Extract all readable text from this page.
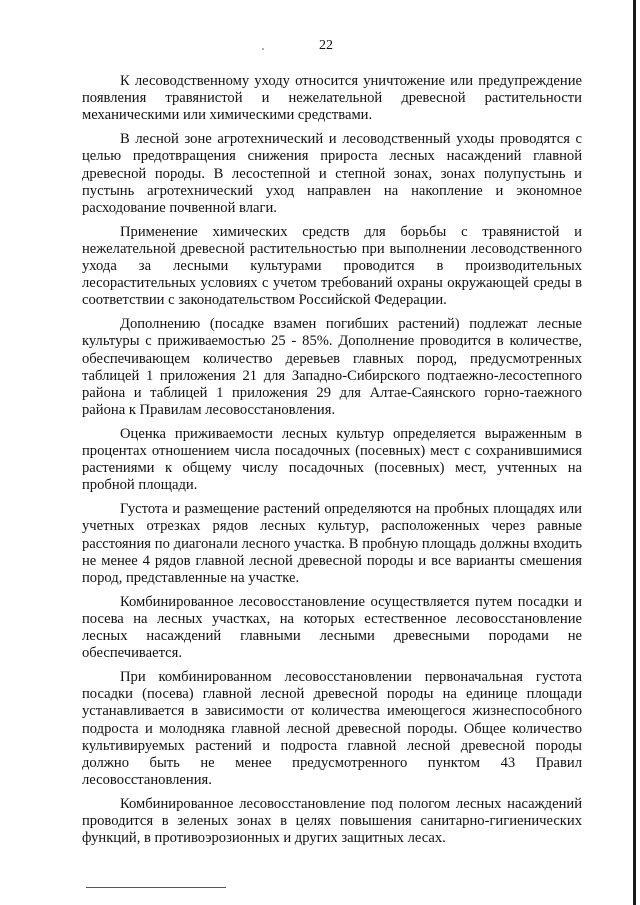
22

К лесоводственному уходу относится уничтожение или предупреждение появления травянистой и нежелательной древесной растительности механическими или химическими средствами.

В лесной зоне агротехнический и лесоводственный уходы проводятся с целью предотвращения снижения прироста лесных насаждений главной древесной породы. В лесостепной и степной зонах, зонах полупустынь и пустынь агротехнический уход направлен на накопление и экономное расходование почвенной влаги.

Применение химических средств для борьбы с травянистой и нежелательной древесной растительностью при выполнении лесоводственного ухода за лесными культурами проводится в производительных лесорастительных условиях с учетом требований охраны окружающей среды в соответствии с законодательством Российской Федерации.

Дополнению (посадке взамен погибших растений) подлежат лесные культуры с приживаемостью 25 - 85%. Дополнение проводится в количестве, обеспечивающем количество деревьев главных пород, предусмотренных таблицей 1 приложения 21 для Западно-Сибирского подтаежно-лесостепного района и таблицей 1 приложения 29 для Алтае-Саянского горно-таежного района к Правилам лесовосстановления.

Оценка приживаемости лесных культур определяется выраженным в процентах отношением числа посадочных (посевных) мест с сохранившимися растениями к общему числу посадочных (посевных) мест, учтенных на пробной площади.

Густота и размещение растений определяются на пробных площадях или учетных отрезках рядов лесных культур, расположенных через равные расстояния по диагонали лесного участка. В пробную площадь должны входить не менее 4 рядов главной лесной древесной породы и все варианты смешения пород, представленные на участке.

Комбинированное лесовосстановление осуществляется путем посадки и посева на лесных участках, на которых естественное лесовосстановление лесных насаждений главными лесными древесными породами не обеспечивается.

При комбинированном лесовосстановлении первоначальная густота посадки (посева) главной лесной древесной породы на единице площади устанавливается в зависимости от количества имеющегося жизнеспособного подроста и молодняка главной лесной древесной породы. Общее количество культивируемых растений и подроста главной лесной древесной породы должно быть не менее предусмотренного пунктом 43 Правил лесовосстановления.

Комбинированное лесовосстановление под пологом лесных насаждений проводится в зеленых зонах в целях повышения санитарно-гигиенических функций, в противоэрозионных и других защитных лесах.
